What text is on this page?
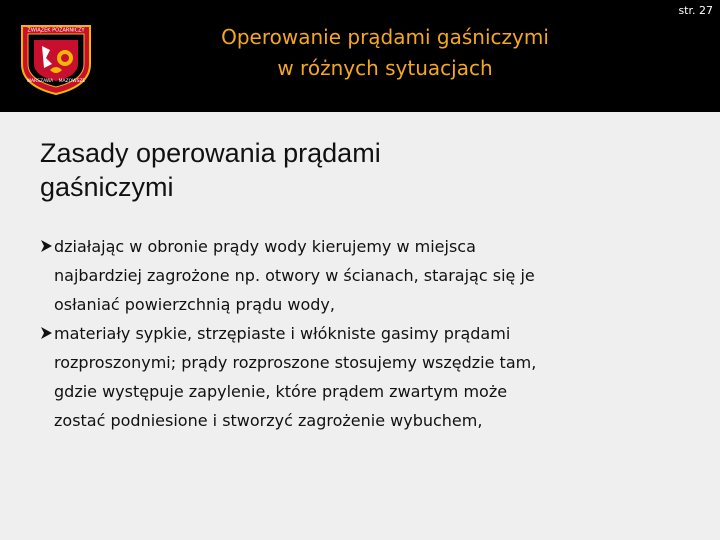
ZWIĄZEK POŻARNICZY
WARSZAWA MAZOWSZE
Operowanie prądami gaśniczymi
w różnych sytuacjach
str. 27
Zasady operowania prądami
gaśniczymi
działając w obronie prądy wody kierujemy w miejsca
najbardziej zagrożone np. otwory w ścianach, starając się je
osłaniać powierzchnią prądu wody,
materiały sypkie, strzępiaste i włókniste gasimy prądami
rozproszonymi; prądy rozproszone stosujemy wszędzie tam,
gdzie występuje zapylenie, które prądem zwartym może
zostać podniesione i stworzyć zagrożenie wybuchem,
